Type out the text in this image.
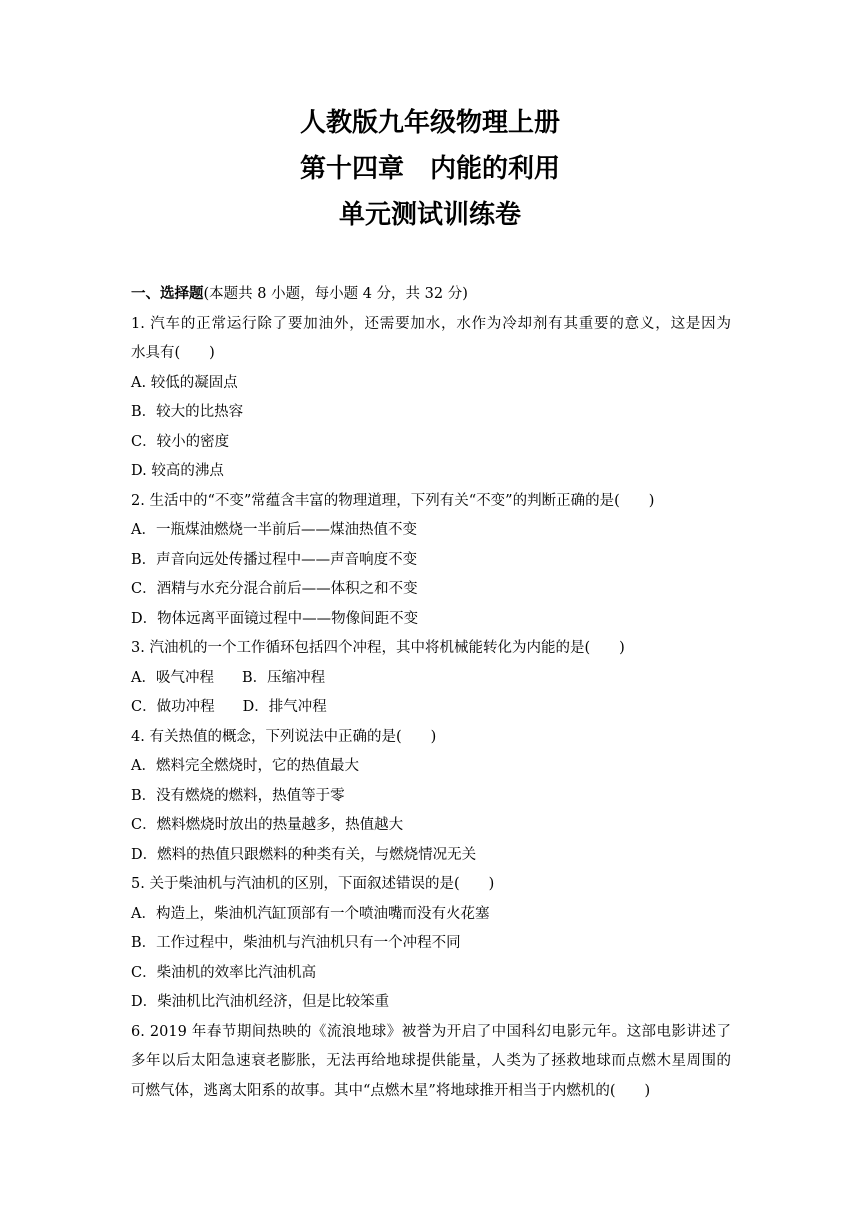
人教版九年级物理上册
第十四章　内能的利用
单元测试训练卷
一、选择题(本题共 8 小题，每小题 4 分，共 32 分)
1. 汽车的正常运行除了要加油外，还需要加水，水作为冷却剂有其重要的意义，这是因为
水具有(　　)
A. 较低的凝固点
B．较大的比热容
C．较小的密度
D. 较高的沸点
2. 生活中的“不变”常蕴含丰富的物理道理，下列有关“不变”的判断正确的是(　　)
A．一瓶煤油燃烧一半前后——煤油热值不变
B．声音向远处传播过程中——声音响度不变
C．酒精与水充分混合前后——体积之和不变
D．物体远离平面镜过程中——物像间距不变
3. 汽油机的一个工作循环包括四个冲程，其中将机械能转化为内能的是(　　)
A．吸气冲程 B．压缩冲程
C．做功冲程 D．排气冲程
4. 有关热值的概念，下列说法中正确的是(　　)
A．燃料完全燃烧时，它的热值最大
B．没有燃烧的燃料，热值等于零
C．燃料燃烧时放出的热量越多，热值越大
D．燃料的热值只跟燃料的种类有关，与燃烧情况无关
5. 关于柴油机与汽油机的区别，下面叙述错误的是(　　)
A．构造上，柴油机汽缸顶部有一个喷油嘴而没有火花塞
B．工作过程中，柴油机与汽油机只有一个冲程不同
C．柴油机的效率比汽油机高
D．柴油机比汽油机经济，但是比较笨重
6. 2019 年春节期间热映的《流浪地球》被誉为开启了中国科幻电影元年。这部电影讲述了
多年以后太阳急速衰老膨胀，无法再给地球提供能量，人类为了拯救地球而点燃木星周围的
可燃气体，逃离太阳系的故事。其中“点燃木星”将地球推开相当于内燃机的(　　)
